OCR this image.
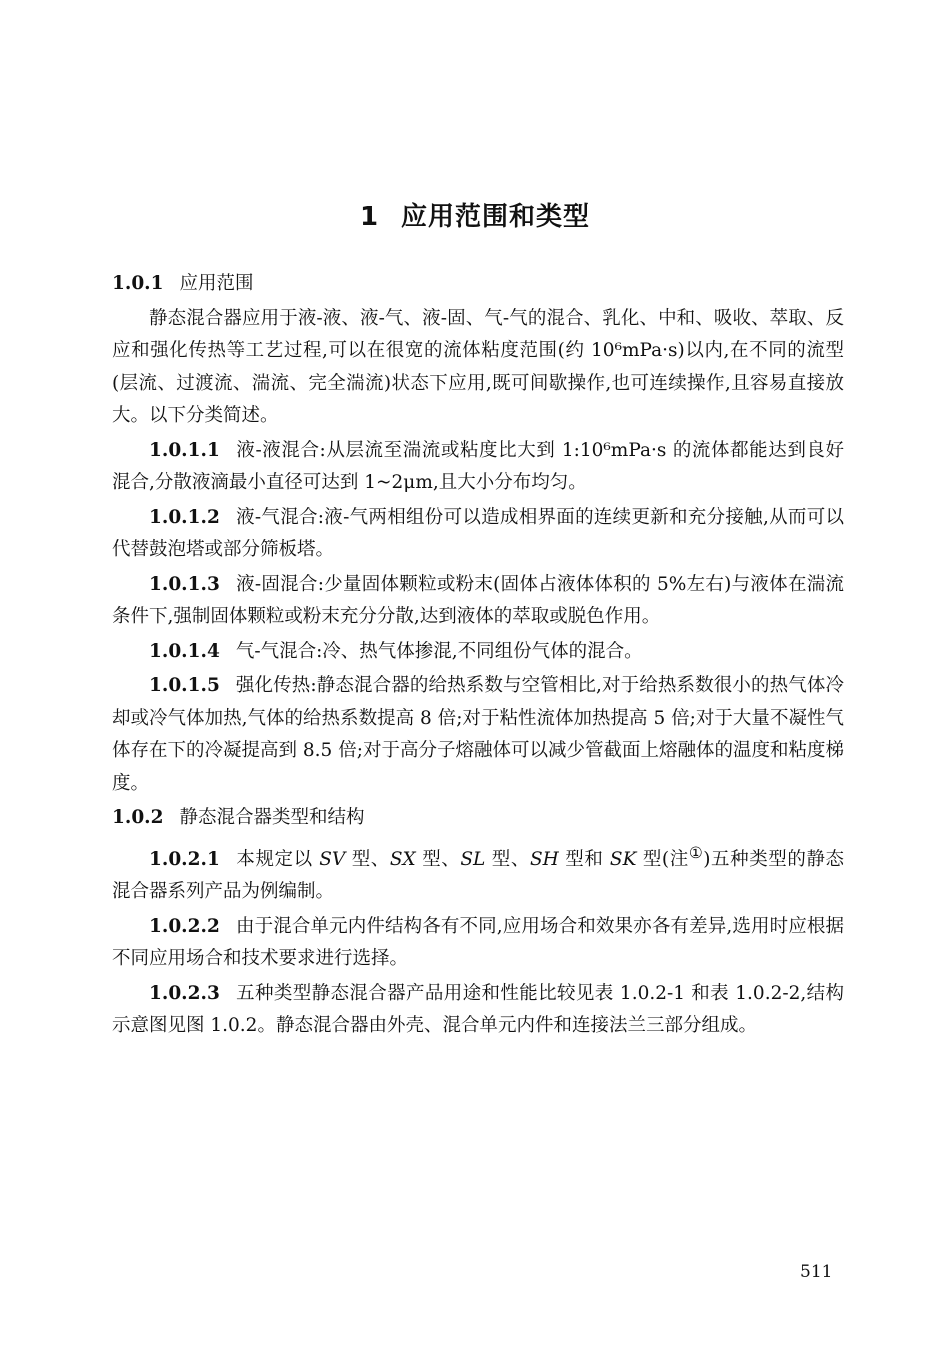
1 应用范围和类型

1.0.1 应用范围

静态混合器应用于液-液、液-气、液-固、气-气的混合、乳化、中和、吸收、萃取、反应和强化传热等工艺过程,可以在很宽的流体粘度范围(约 10⁶mPa·s)以内,在不同的流型(层流、过渡流、湍流、完全湍流)状态下应用,既可间歇操作,也可连续操作,且容易直接放大。以下分类简述。

1.0.1.1 液-液混合:从层流至湍流或粘度比大到 1:10⁶mPa·s 的流体都能达到良好混合,分散液滴最小直径可达到 1~2μm,且大小分布均匀。

1.0.1.2 液-气混合:液-气两相组份可以造成相界面的连续更新和充分接触,从而可以代替鼓泡塔或部分筛板塔。

1.0.1.3 液-固混合:少量固体颗粒或粉末(固体占液体体积的 5%左右)与液体在湍流条件下,强制固体颗粒或粉末充分分散,达到液体的萃取或脱色作用。

1.0.1.4 气-气混合:冷、热气体掺混,不同组份气体的混合。

1.0.1.5 强化传热:静态混合器的给热系数与空管相比,对于给热系数很小的热气体冷却或冷气体加热,气体的给热系数提高 8 倍;对于粘性流体加热提高 5 倍;对于大量不凝性气体存在下的冷凝提高到 8.5 倍;对于高分子熔融体可以减少管截面上熔融体的温度和粘度梯度。

1.0.2 静态混合器类型和结构

1.0.2.1 本规定以 SV 型、SX 型、SL 型、SH 型和 SK 型(注①)五种类型的静态混合器系列产品为例编制。

1.0.2.2 由于混合单元内件结构各有不同,应用场合和效果亦各有差异,选用时应根据不同应用场合和技术要求进行选择。

1.0.2.3 五种类型静态混合器产品用途和性能比较见表 1.0.2-1 和表 1.0.2-2,结构示意图见图 1.0.2。静态混合器由外壳、混合单元内件和连接法兰三部分组成。

511
